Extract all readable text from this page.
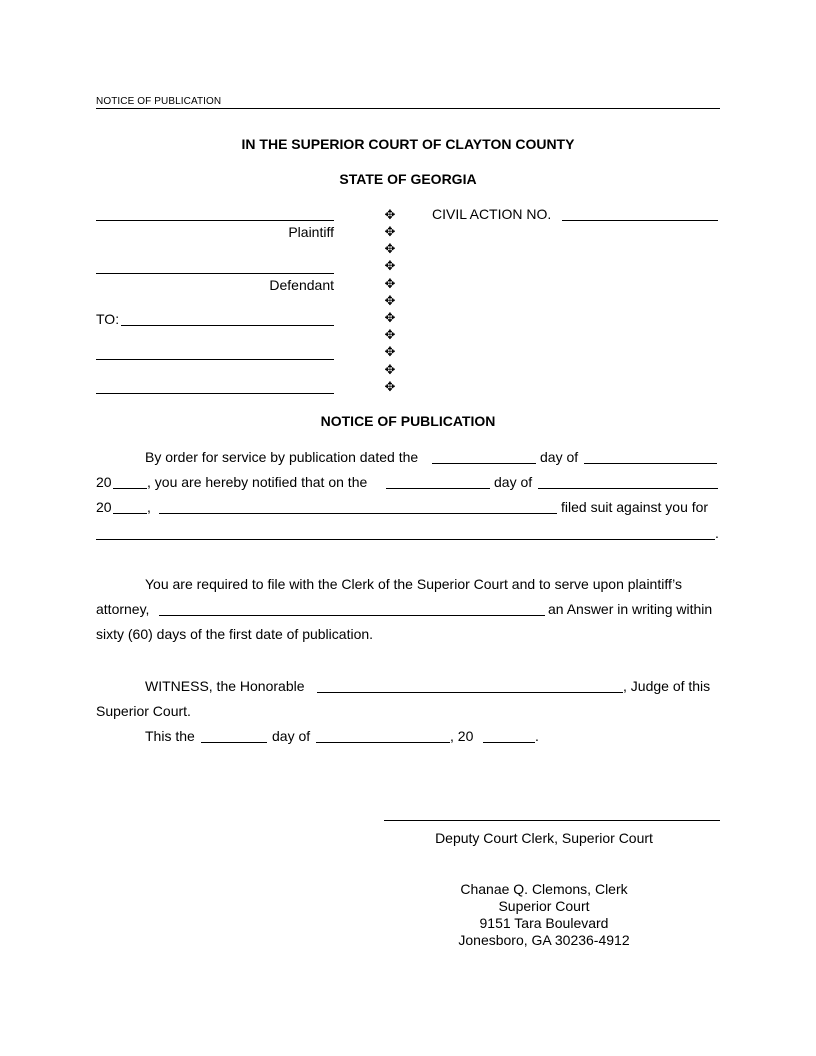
NOTICE OF PUBLICATION
IN THE SUPERIOR COURT OF CLAYTON COUNTY
STATE OF GEORGIA
Plaintiff
Defendant
TO:
✥
✥
✥
✥
✥
✥
✥
✥
✥
✥
✥
CIVIL ACTION NO.
NOTICE OF PUBLICATION
By order for service by publication dated the	day of
20	, you are hereby notified that on the	day of
20	,	filed suit against you for
.
You are required to file with the Clerk of the Superior Court and to serve upon plaintiff’s
attorney,	an Answer in writing within
sixty (60) days of the first date of publication.
WITNESS, the Honorable	, Judge of this
Superior Court.
This the	day of	, 20	.
Deputy Court Clerk, Superior Court
Chanae Q. Clemons, Clerk
Superior Court
9151 Tara Boulevard
Jonesboro, GA 30236-4912
